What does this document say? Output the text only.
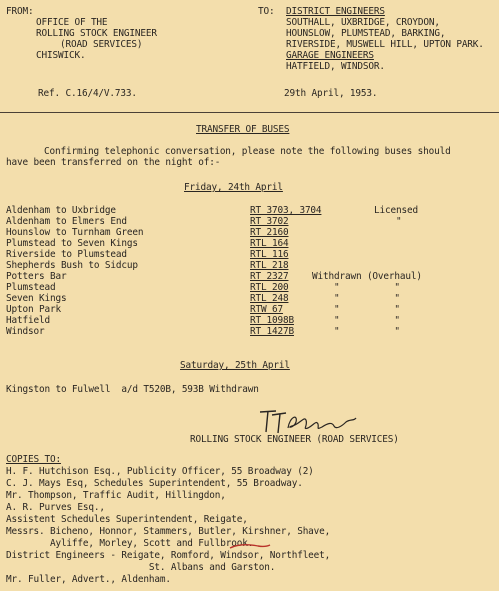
FROM:
OFFICE OF THE
ROLLING STOCK ENGINEER
(ROAD SERVICES)
CHISWICK.
TO: DISTRICT ENGINEERS
SOUTHALL, UXBRIDGE, CROYDON,
HOUNSLOW, PLUMSTEAD, BARKING,
RIVERSIDE, MUSWELL HILL, UPTON PARK.
GARAGE ENGINEERS
HATFIELD, WINDSOR.
Ref. C.16/4/V.733.	29th April, 1953.
TRANSFER OF BUSES
Confirming telephonic conversation, please note the following buses should
have been transferred on the night of:-
Friday, 24th April
Aldenham to Uxbridge	RT 3703, 3704	Licensed
Aldenham to Elmers End	RT 3702	"
Hounslow to Turnham Green	RT 2160
Plumstead to Seven Kings	RTL 164
Riverside to Plumstead	RTL 116
Shepherds Bush to Sidcup	RTL 218
Potters Bar	RT 2327	Withdrawn (Overhaul)
Plumstead	RTL 200	"          "
Seven Kings	RTL 248	"          "
Upton Park	RTW 67	"          "
Hatfield	RT 1098B	"          "
Windsor	RT 1427B	"          "
Saturday, 25th April
Kingston to Fulwell  a/d T520B, 593B Withdrawn
ROLLING STOCK ENGINEER (ROAD SERVICES)
COPIES TO:
H. F. Hutchison Esq., Publicity Officer, 55 Broadway (2)
C. J. Mays Esq, Schedules Superintendent, 55 Broadway.
Mr. Thompson, Traffic Audit, Hillingdon,
A. R. Purves Esq.,
Assistent Schedules Superintendent, Reigate,
Messrs. Bicheno, Honnor, Stammers, Butler, Kirshner, Shave,
Ayliffe, Morley, Scott and Fullbrook.
District Engineers - Reigate, Romford, Windsor, Northfleet,
St. Albans and Garston.
Mr. Fuller, Advert., Aldenham.
